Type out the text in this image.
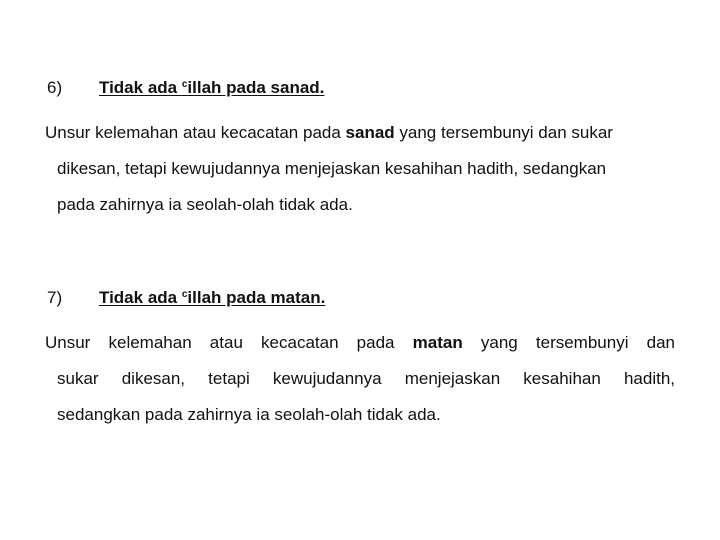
6) Tidak ada $^c$illah pada sanad.
Unsur kelemahan atau kecacatan pada sanad yang tersembunyi dan sukar
dikesan, tetapi kewujudannya menjejaskan kesahihan hadith, sedangkan
pada zahirnya ia seolah-olah tidak ada.
7) Tidak ada $^c$illah pada matan.
Unsur kelemahan atau kecacatan pada matan yang tersembunyi dan
sukar dikesan, tetapi kewujudannya menjejaskan kesahihan hadith,
sedangkan pada zahirnya ia seolah-olah tidak ada.
